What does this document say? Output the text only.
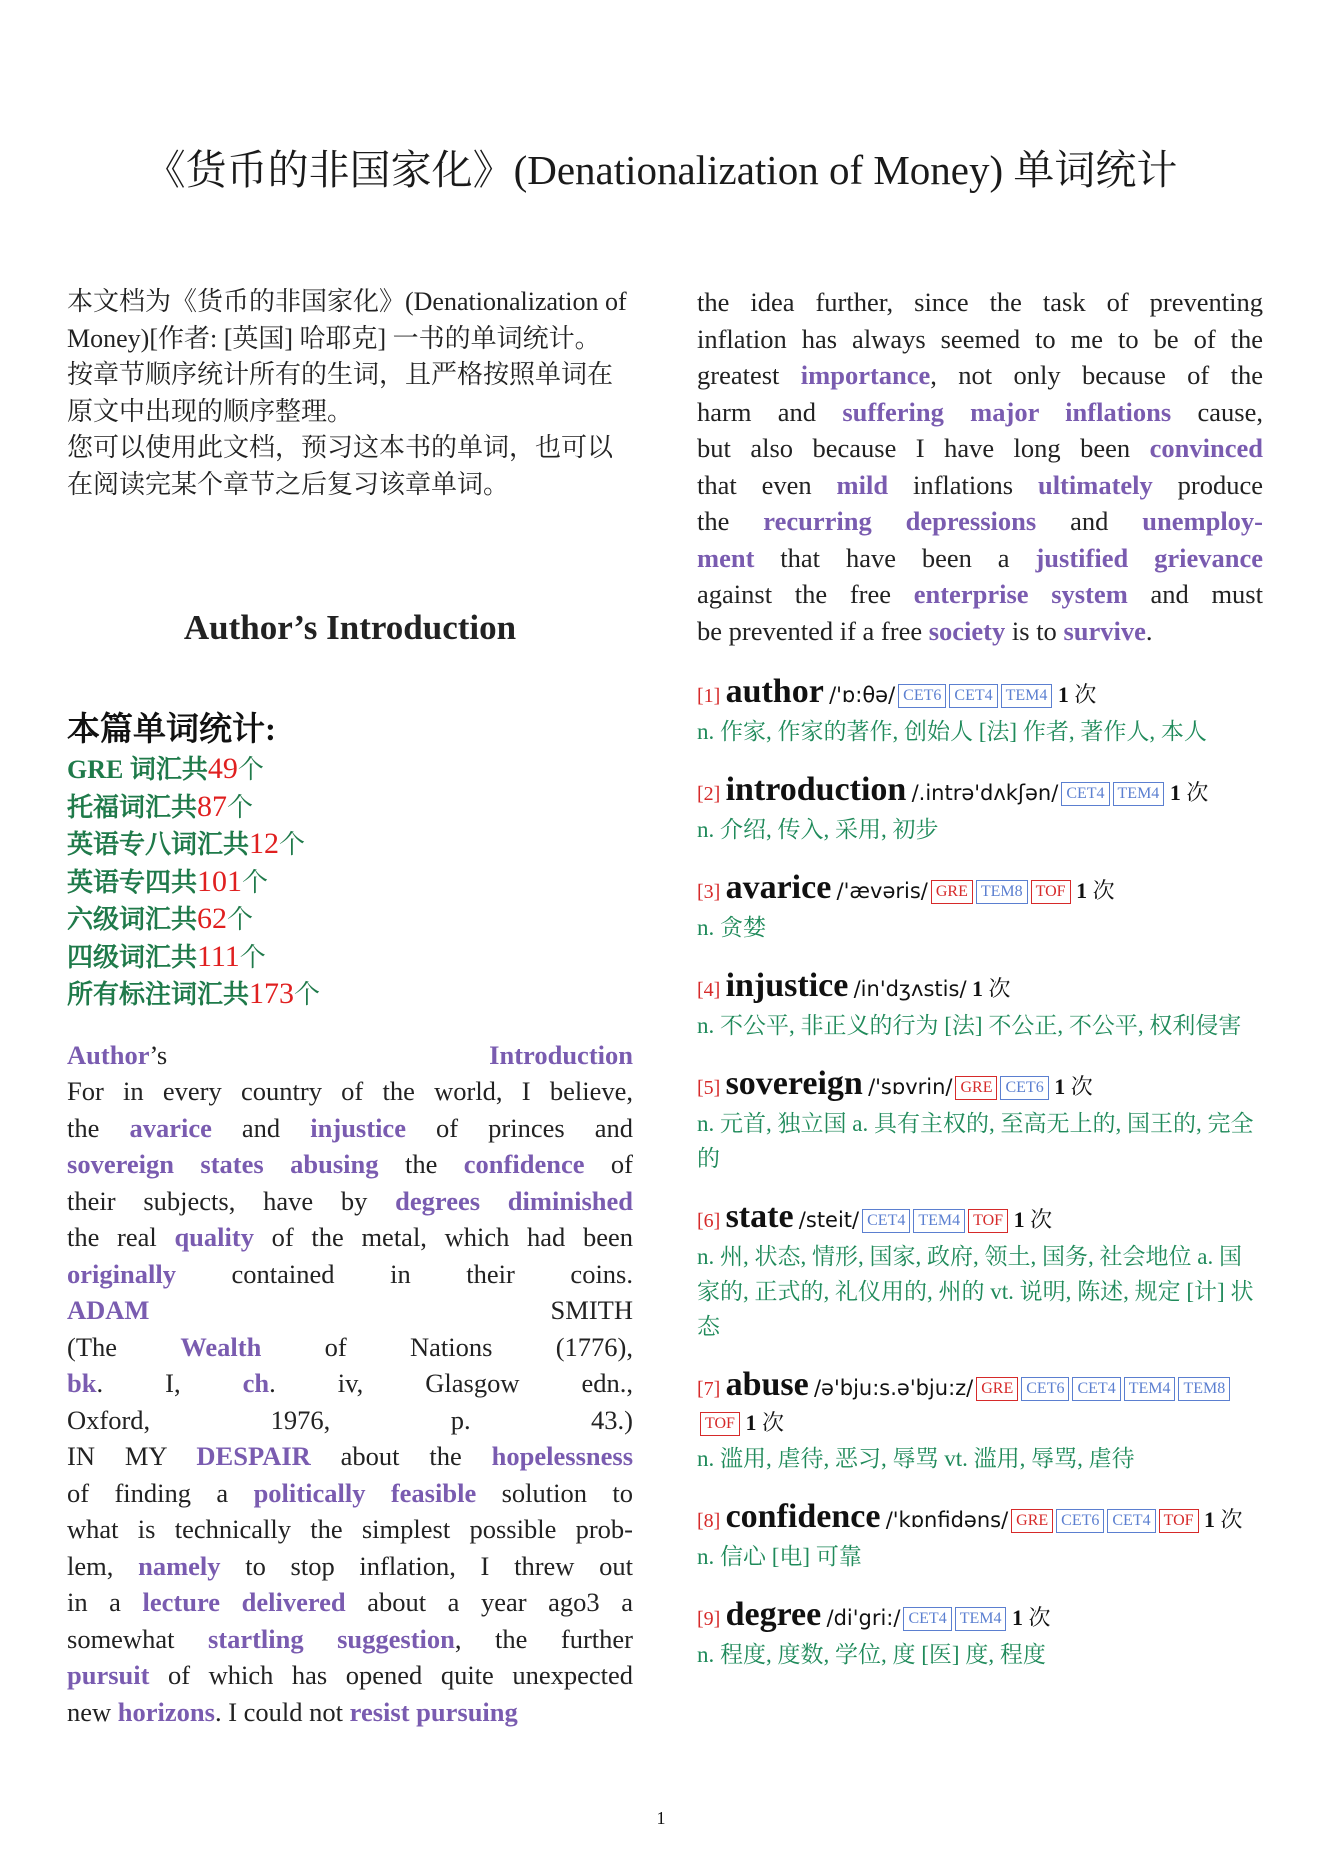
《货币的非国家化》(Denationalization of Money) 单词统计

本文档为《货币的非国家化》(Denationalization of Money)[作者: [英国] 哈耶克] 一书的单词统计。

按章节顺序统计所有的生词，且严格按照单词在原文中出现的顺序整理。

您可以使用此文档，预习这本书的单词，也可以在阅读完某个章节之后复习该章单词。

Author’s Introduction
本篇单词统计:
GRE 词汇共49个
托福词汇共87个
英语专八词汇共12个
英语专四共101个
六级词汇共62个
四级词汇共111个
所有标注词汇共173个
Author’s Introduction
For in every country of the world, I believe,
the avarice and injustice of princes and
sovereign states abusing the confidence of
their subjects, have by degrees diminished
the real quality of the metal, which had been
originally contained in their coins.
ADAM SMITH
(The Wealth of Nations (1776),
bk. I, ch. iv, Glasgow edn.,
Oxford, 1976, p. 43.)
IN MY DESPAIR about the hopelessness
of finding a politically feasible solution to
what is technically the simplest possible prob-
lem, namely to stop inflation, I threw out
in a lecture delivered about a year ago3 a
somewhat startling suggestion, the further
pursuit of which has opened quite unexpected
new horizons. I could not resist pursuing
the idea further, since the task of preventing
inflation has always seemed to me to be of the
greatest importance, not only because of the
harm and suffering major inflations cause,
but also because I have long been convinced
that even mild inflations ultimately produce
the recurring depressions and unemploy-
ment that have been a justified grievance
against the free enterprise system and must
be prevented if a free society is to survive.
[1] author /'ɒ:θə/ CET6 CET4 TEM4 1 次
n. 作家, 作家的著作, 创始人 [法] 作者, 著作人, 本人
[2] introduction /.intrə'dʌkʃən/ CET4 TEM4 1 次
n. 介绍, 传入, 采用, 初步
[3] avarice /'ævəris/ GRE TEM8 TOF 1 次
n. 贪婪
[4] injustice /in'dʒʌstis/ 1 次
n. 不公平, 非正义的行为 [法] 不公正, 不公平, 权利侵害
[5] sovereign /'sɒvrin/ GRE CET6 1 次
n. 元首, 独立国 a. 具有主权的, 至高无上的, 国王的, 完全的
[6] state /steit/ CET4 TEM4 TOF 1 次
n. 州, 状态, 情形, 国家, 政府, 领土, 国务, 社会地位 a. 国家的, 正式的, 礼仪用的, 州的 vt. 说明, 陈述, 规定 [计] 状态
[7] abuse /ə'bju:s.ə'bju:z/ GRE CET6 CET4 TEM4 TEM8TOF 1 次
n. 滥用, 虐待, 恶习, 辱骂 vt. 滥用, 辱骂, 虐待
[8] confidence /'kɒnfidəns/ GRE CET6 CET4 TOF 1 次
n. 信心 [电] 可靠
[9] degree /di'gri:/ CET4 TEM4 1 次
n. 程度, 度数, 学位, 度 [医] 度, 程度
1
